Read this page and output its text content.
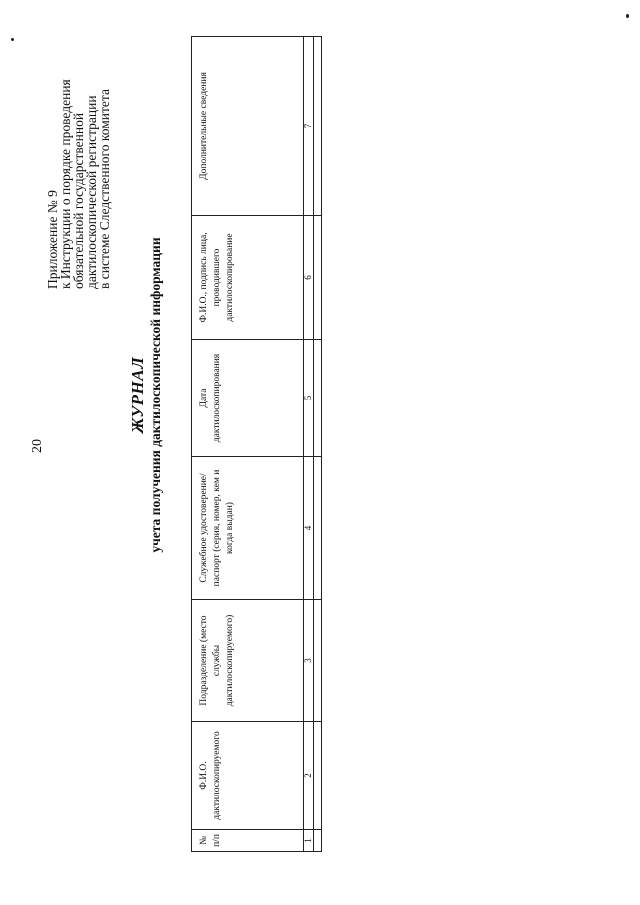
20
Приложение № 9
к Инструкции о порядке проведения
обязательной государственной
дактилоскопической регистрации
в системе Следственного комитета
ЖУРНАЛ учета получения дактилоскопической информации
№ п/п	Ф.И.О. дактилоскопируемого	Подразделение (место службы дактилоскопируемого)	Служебное удостоверение/ паспорт (серия, номер, кем и когда выдан)	Дата дактилоскопирования	Ф.И.О., подпись лица, проводившего дактилоскопирование	Дополнительные сведения
1	2	3	4	5	6	7
